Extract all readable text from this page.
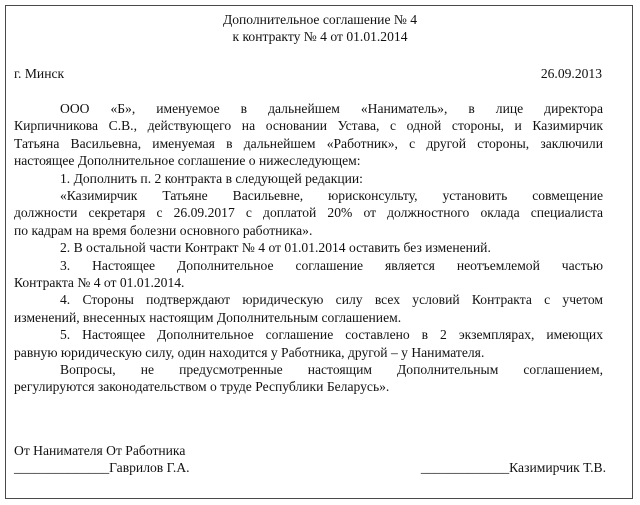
Дополнительное соглашение № 4
к контракту № 4 от 01.01.2014
г. Минск	26.09.2013
ООО «Б», именуемое в дальнейшем «Наниматель», в лице директора
Кирпичникова С.В., действующего на основании Устава, с одной стороны, и Казимирчик
Татьяна Васильевна, именуемая в дальнейшем «Работник», с другой стороны, заключили
настоящее Дополнительное соглашение о нижеследующем:
1. Дополнить п. 2 контракта в следующей редакции:
«Казимирчик Татьяне Васильевне, юрисконсульту, установить совмещение
должности секретаря с 26.09.2017 с доплатой 20% от должностного оклада специалиста
по кадрам на время болезни основного работника».
2. В остальной части Контракт № 4 от 01.01.2014 оставить без изменений.
3. Настоящее Дополнительное соглашение является неотъемлемой частью
Контракта № 4 от 01.01.2014.
4. Стороны подтверждают юридическую силу всех условий Контракта с учетом
изменений, внесенных настоящим Дополнительным соглашением.
5. Настоящее Дополнительное соглашение составлено в 2 экземплярах, имеющих
равную юридическую силу, один находится у Работника, другой – у Нанимателя.
Вопросы, не предусмотренные настоящим Дополнительным соглашением,
регулируются законодательством о труде Республики Беларусь».
От Нанимателя От Работника
______________Гаврилов Г.А.	_____________Казимирчик Т.В.
